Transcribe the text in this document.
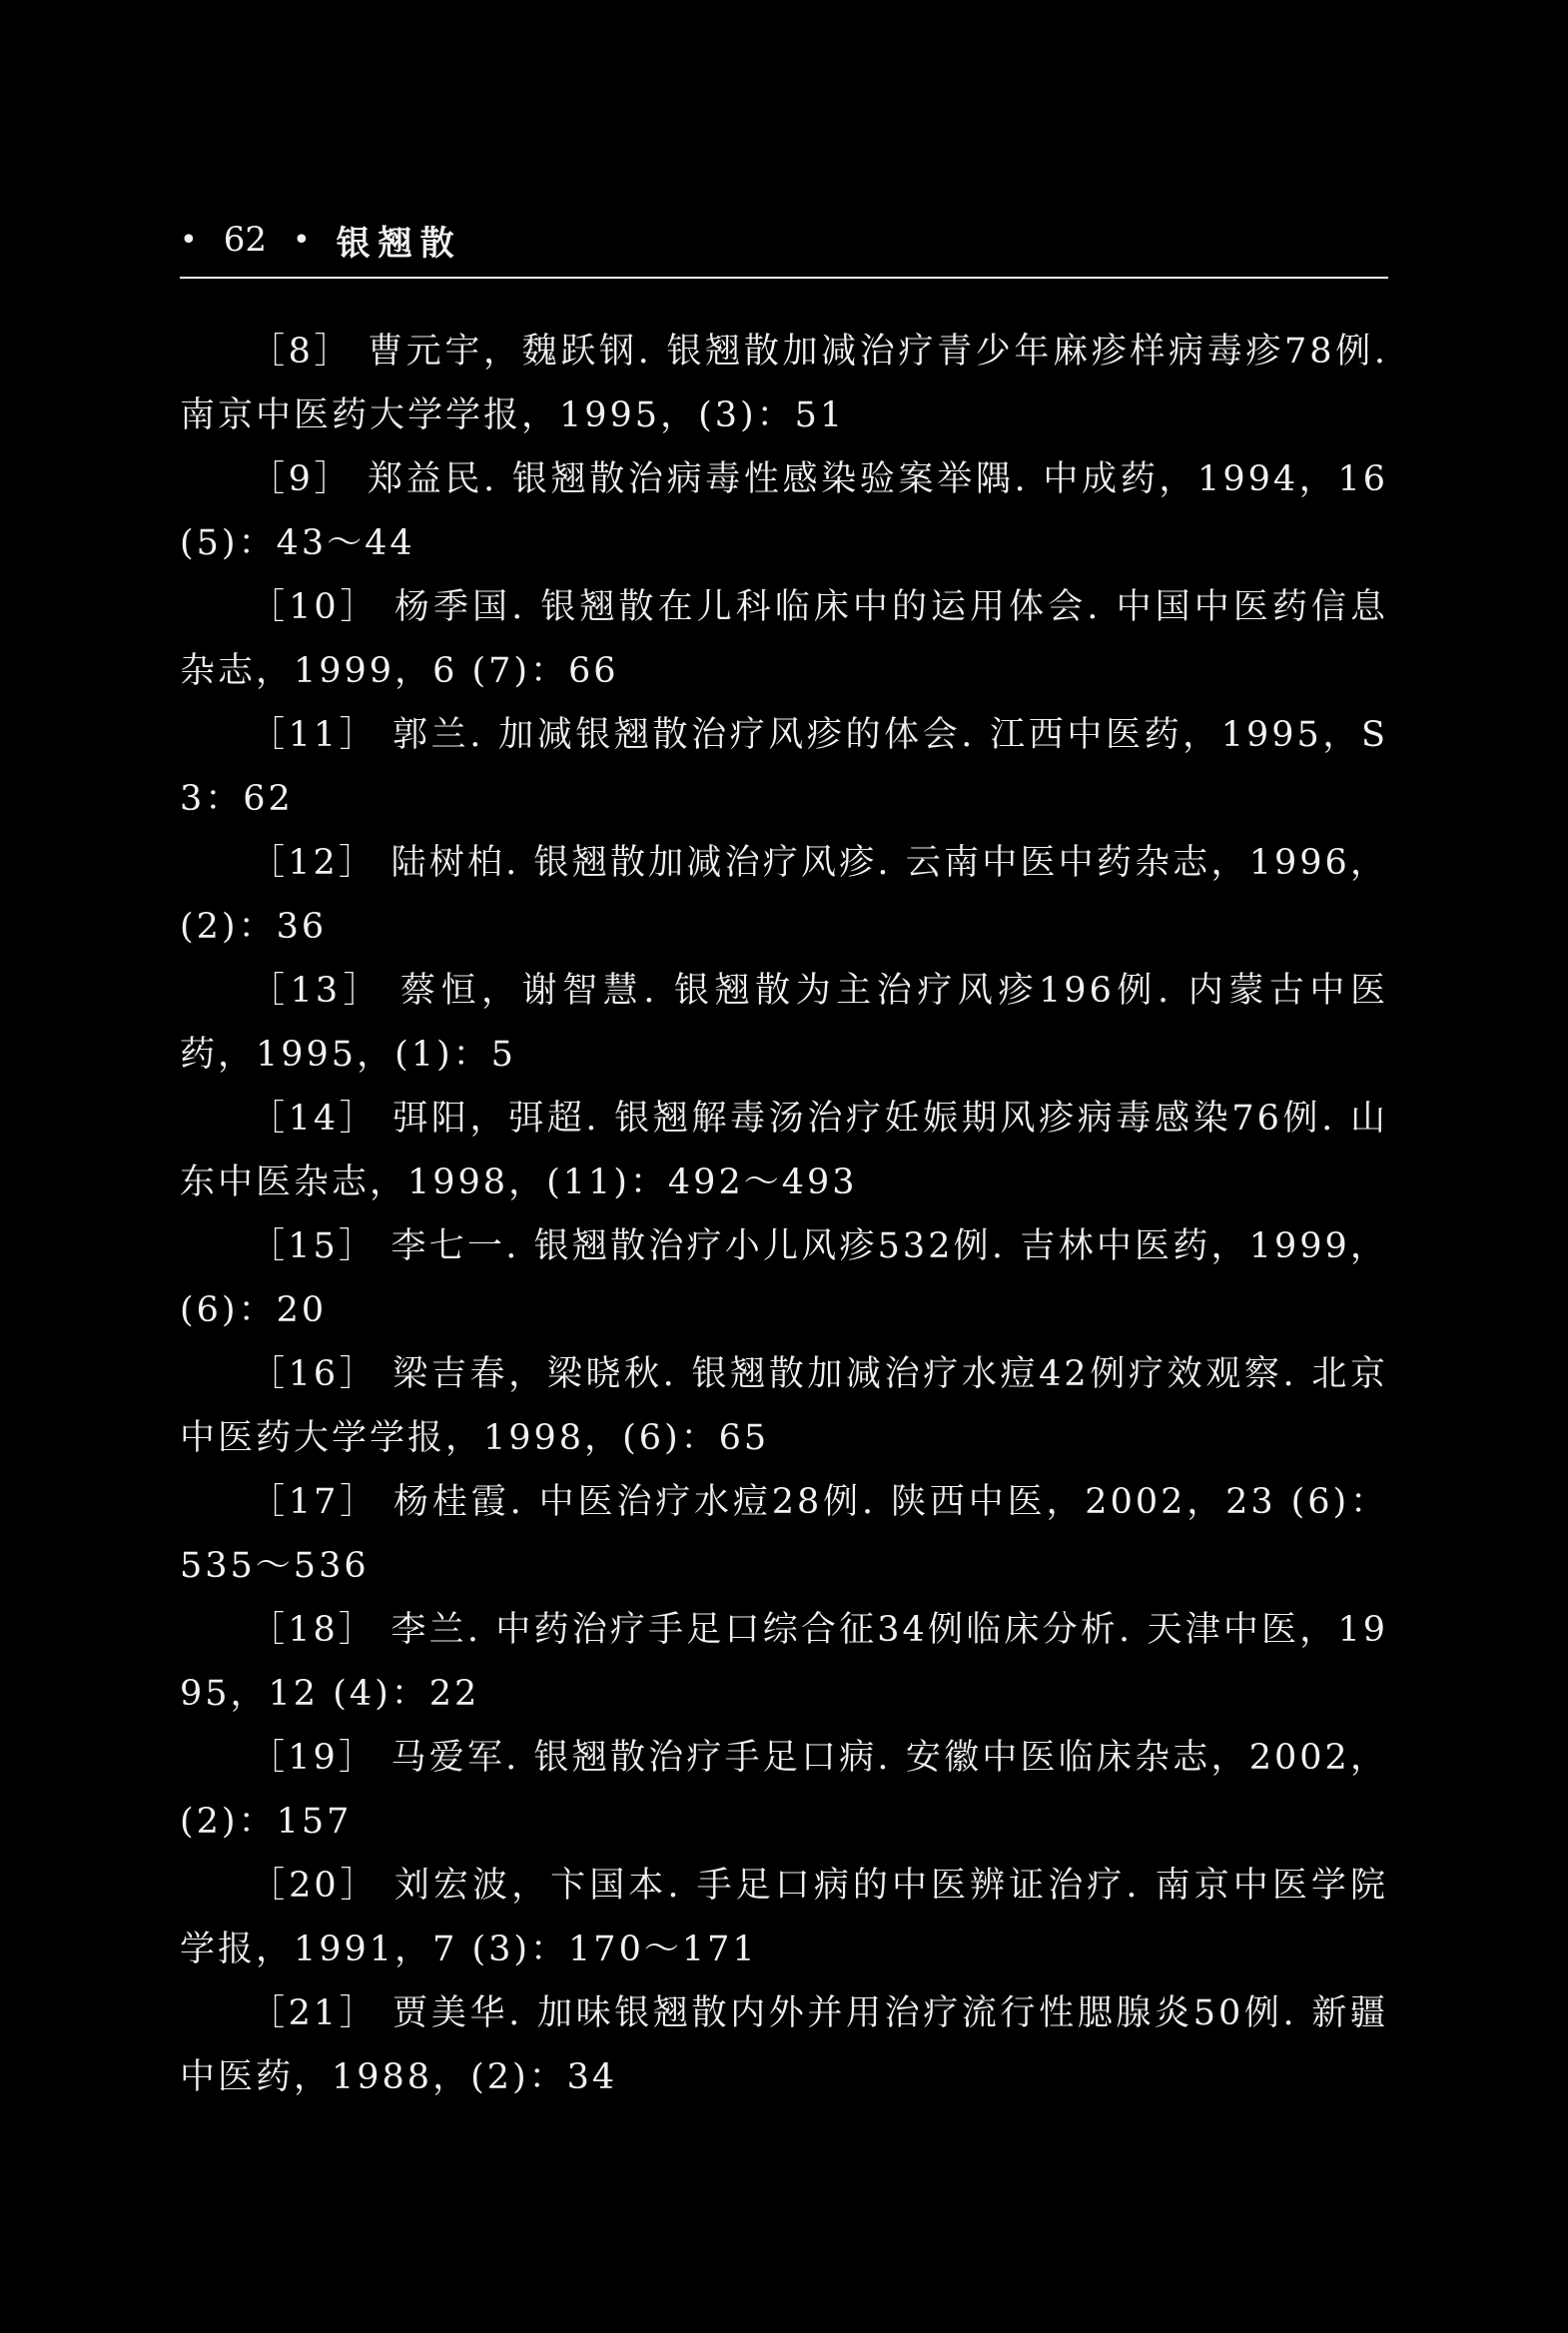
• 62 • 银翘散
［8］ 曹元宇，魏跃钢. 银翘散加减治疗青少年麻疹样病毒疹78例. 南京中医药大学学报，1995，(3)：51
［9］ 郑益民. 银翘散治病毒性感染验案举隅. 中成药，1994，16 (5)：43～44
［10］ 杨季国. 银翘散在儿科临床中的运用体会. 中国中医药信息杂志，1999，6 (7)：66
［11］ 郭兰. 加减银翘散治疗风疹的体会. 江西中医药，1995，S3：62
［12］ 陆树柏. 银翘散加减治疗风疹. 云南中医中药杂志，1996，(2)：36
［13］ 蔡恒，谢智慧. 银翘散为主治疗风疹196例. 内蒙古中医药，1995，(1)：5
［14］ 弭阳，弭超. 银翘解毒汤治疗妊娠期风疹病毒感染76例. 山东中医杂志，1998，(11)：492～493
［15］ 李七一. 银翘散治疗小儿风疹532例. 吉林中医药，1999，(6)：20
［16］ 梁吉春，梁晓秋. 银翘散加减治疗水痘42例疗效观察. 北京中医药大学学报，1998，(6)：65
［17］ 杨桂霞. 中医治疗水痘28例. 陕西中医，2002，23 (6)：535～536
［18］ 李兰. 中药治疗手足口综合征34例临床分析. 天津中医，1995，12 (4)：22
［19］ 马爱军. 银翘散治疗手足口病. 安徽中医临床杂志，2002，(2)：157
［20］ 刘宏波，卞国本. 手足口病的中医辨证治疗. 南京中医学院学报，1991，7 (3)：170～171
［21］ 贾美华. 加味银翘散内外并用治疗流行性腮腺炎50例. 新疆中医药，1988，(2)：34
